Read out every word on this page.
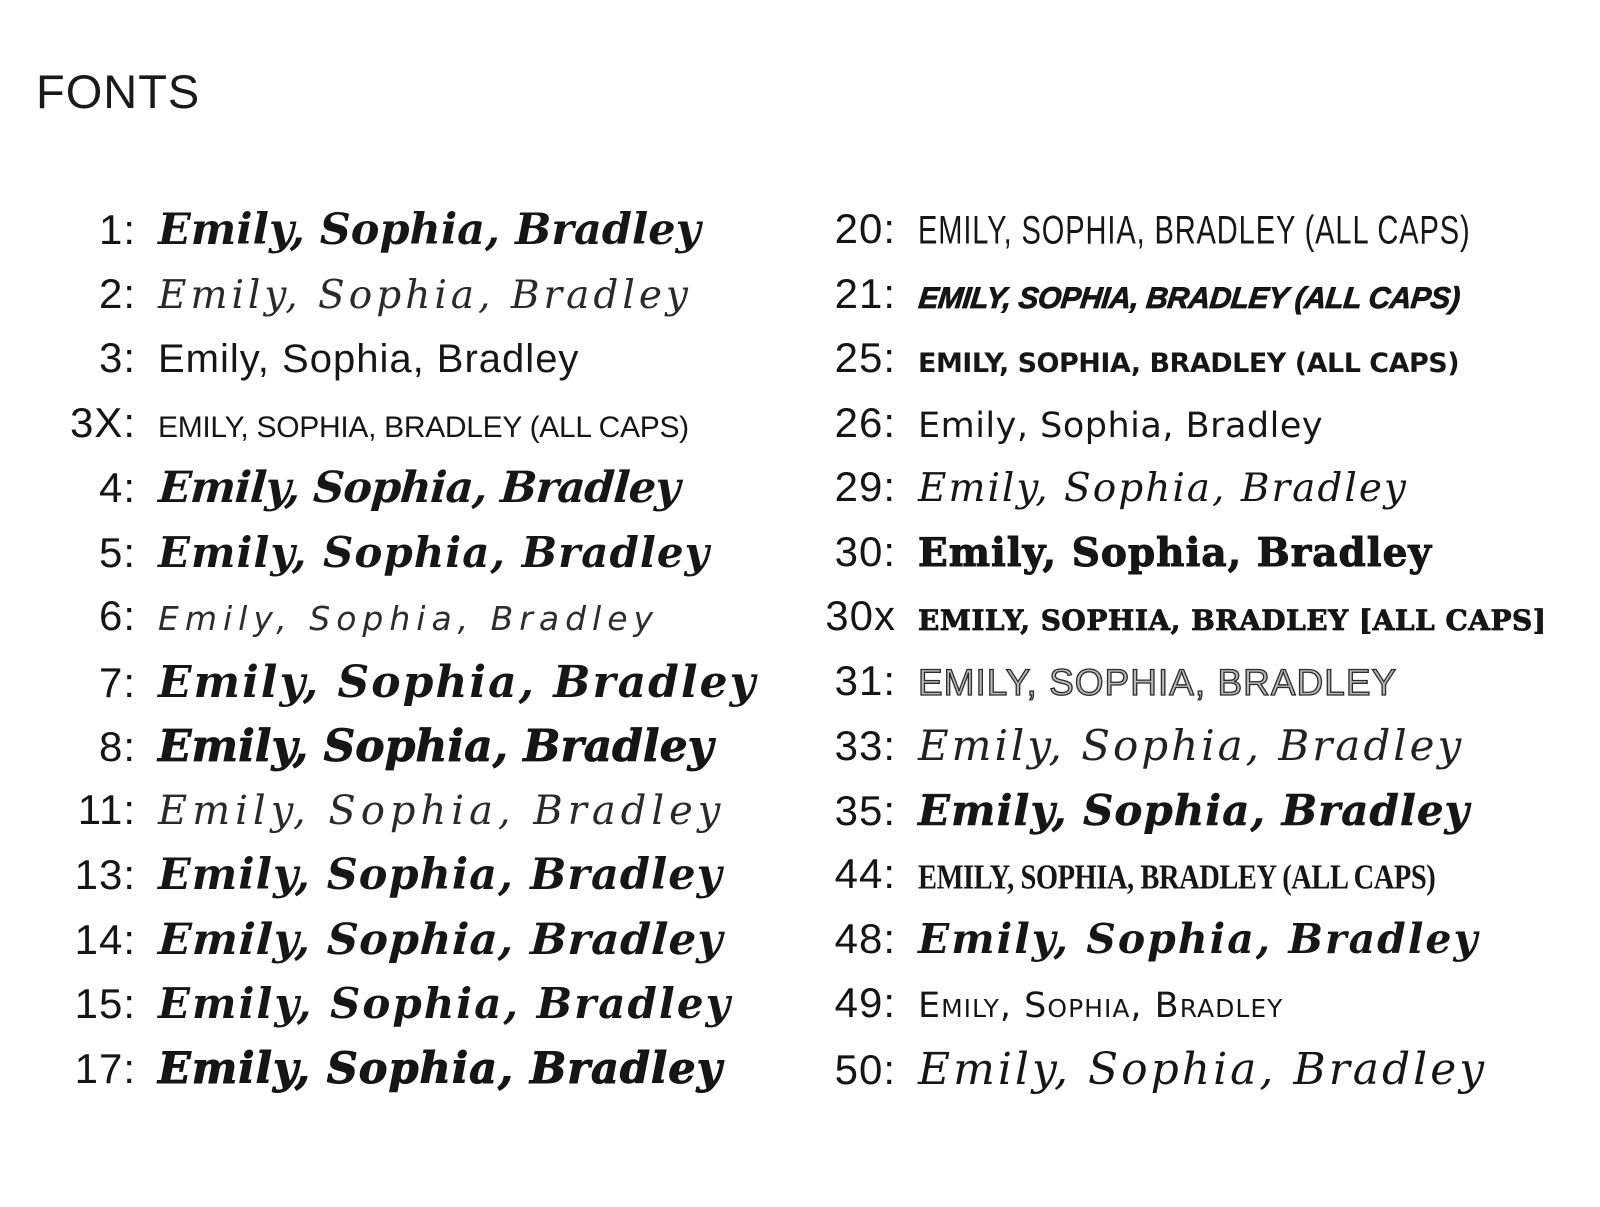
FONTS
1: Emily, Sophia, Bradley
2: Emily, Sophia, Bradley
3: Emily, Sophia, Bradley
3X: EMILY, SOPHIA, BRADLEY (ALL CAPS)
4: Emily, Sophia, Bradley
5: Emily, Sophia, Bradley
6: Emily, Sophia, Bradley
7: Emily, Sophia, Bradley
8: Emily, Sophia, Bradley
11: Emily, Sophia, Bradley
13: Emily, Sophia, Bradley
14: Emily, Sophia, Bradley
15: Emily, Sophia, Bradley
17: Emily, Sophia, Bradley
20: EMILY, SOPHIA, BRADLEY (ALL CAPS)
21: EMILY, SOPHIA, BRADLEY (ALL CAPS)
25: EMILY, SOPHIA, BRADLEY (ALL CAPS)
26: Emily, Sophia, Bradley
29: Emily, Sophia, Bradley
30: Emily, Sophia, Bradley
30x EMILY, SOPHIA, BRADLEY [ALL CAPS]
31: EMILY, SOPHIA, BRADLEY
33: Emily, Sophia, Bradley
35: Emily, Sophia, Bradley
44: EMILY, SOPHIA, BRADLEY (ALL CAPS)
48: Emily, Sophia, Bradley
49: Emily, Sophia, Bradley
50: Emily, Sophia, Bradley
